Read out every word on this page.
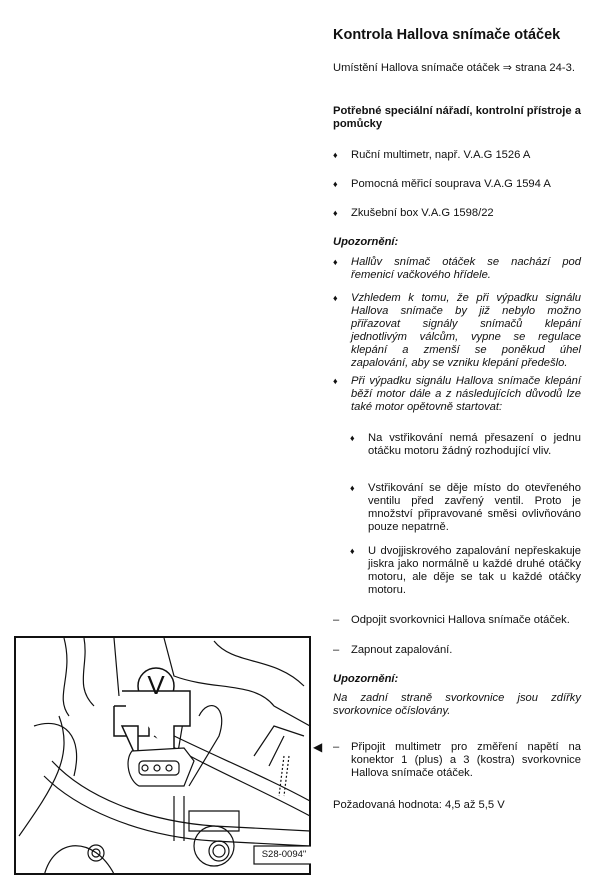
Kontrola Hallova snímače otáček
Umístění Hallova snímače otáček ⇒ strana 24-3.
Potřebné speciální nářadí, kontrolní přístroje a pomůcky
♦	Ruční multimetr, např. V.A.G 1526 A
♦	Pomocná měřicí souprava V.A.G 1594 A
♦	Zkušební box V.A.G 1598/22
Upozornění:
♦	Hallův snímač otáček se nachází pod řemenicí vačkového hřídele.
♦	Vzhledem k tomu, že při výpadku signálu Hallova snímače by již nebylo možno přiřazovat signály snímačů klepání jednotlivým válcům, vypne se regulace klepání a zmenší se poněkud úhel zapalování, aby se vzniku klepání předešlo.
♦	Při výpadku signálu Hallova snímače klepání běží motor dále a z následujících důvodů lze také motor opětovně startovat:
♦	Na vstřikování nemá přesazení o jednu otáčku motoru žádný rozhodující vliv.
♦	Vstřikování se děje místo do otevřeného ventilu před zavřený ventil. Proto je množství připravované směsi ovlivňováno pouze nepatrně.
♦	U dvojjiskrového zapalování nepřeskakuje jiskra jako normálně u každé druhé otáčky motoru, ale děje se tak u každé otáčky motoru.
–	Odpojit svorkovnici Hallova snímače otáček.
–	Zapnout zapalování.
Upozornění:
Na zadní straně svorkovnice jsou zdířky svorkovnice očíslovány.
◀ –	Připojit multimetr pro změření napětí na konektor 1 (plus) a 3 (kostra) svorkovnice Hallova snímače otáček.
Požadovaná hodnota: 4,5 až 5,5 V
V
S28-0094"
